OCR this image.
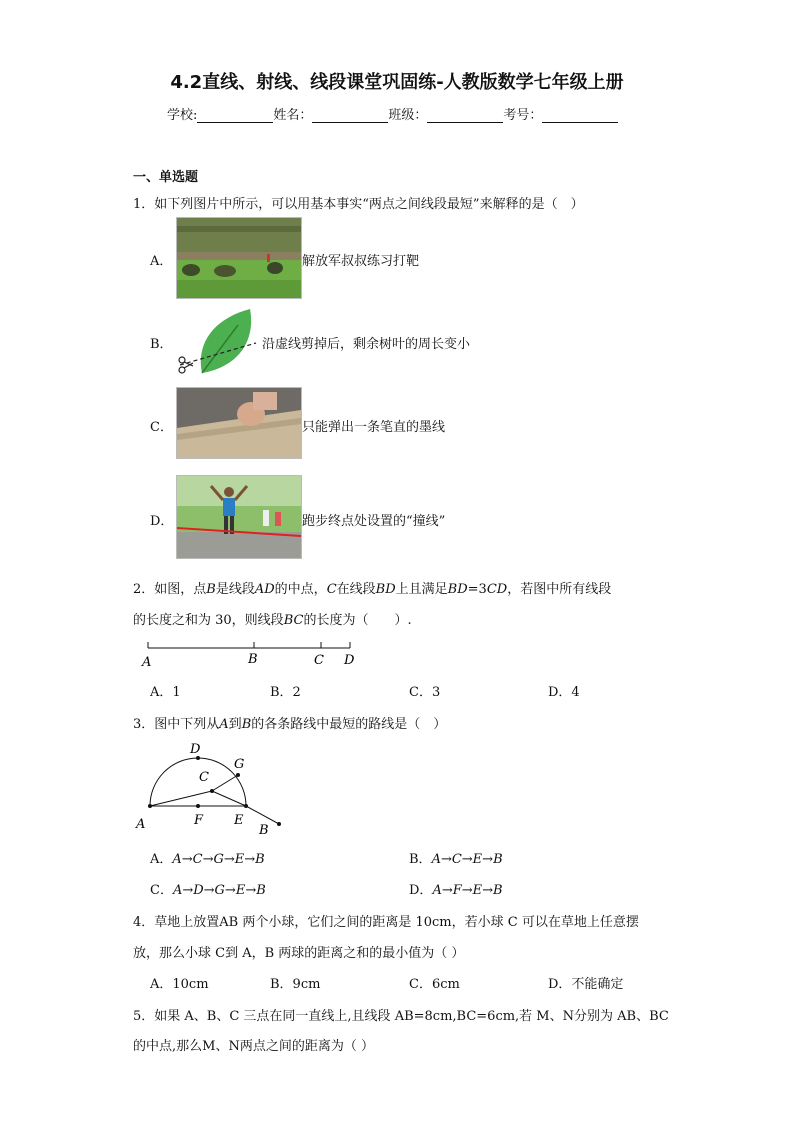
4.2直线、射线、线段课堂巩固练-人教版数学七年级上册
学校:	姓名：	班级：	考号：
一、单选题
1．如下列图片中所示，可以用基本事实“两点之间线段最短”来解释的是（　）
A．	解放军叔叔练习打靶
B．	沿虚线剪掉后，剩余树叶的周长变小
C．	只能弹出一条笔直的墨线
D．	跑步终点处设置的“撞线”
2．如图，点B是线段AD的中点，C在线段BD上且满足BD=3CD，若图中所有线段
的长度之和为 30，则线段BC的长度为（　　）.
A	B	C D
A．1	B．2	C．3	D．4
3．图中下列从A到B的各条路线中最短的路线是（　）
D
G
C
A	F E
B
A．A→C→G→E→B	B．A→C→E→B
C．A→D→G→E→B	D．A→F→E→B
4．草地上放置AB 两个小球，它们之间的距离是 10cm，若小球 C 可以在草地上任意摆
放，那么小球 C到 A，B 两球的距离之和的最小值为（ ）
A．10cm	B．9cm	C．6cm	D．不能确定
5．如果 A、B、C 三点在同一直线上,且线段 AB=8cm,BC=6cm,若 M、N分别为 AB、BC
的中点,那么M、N两点之间的距离为（ ）
